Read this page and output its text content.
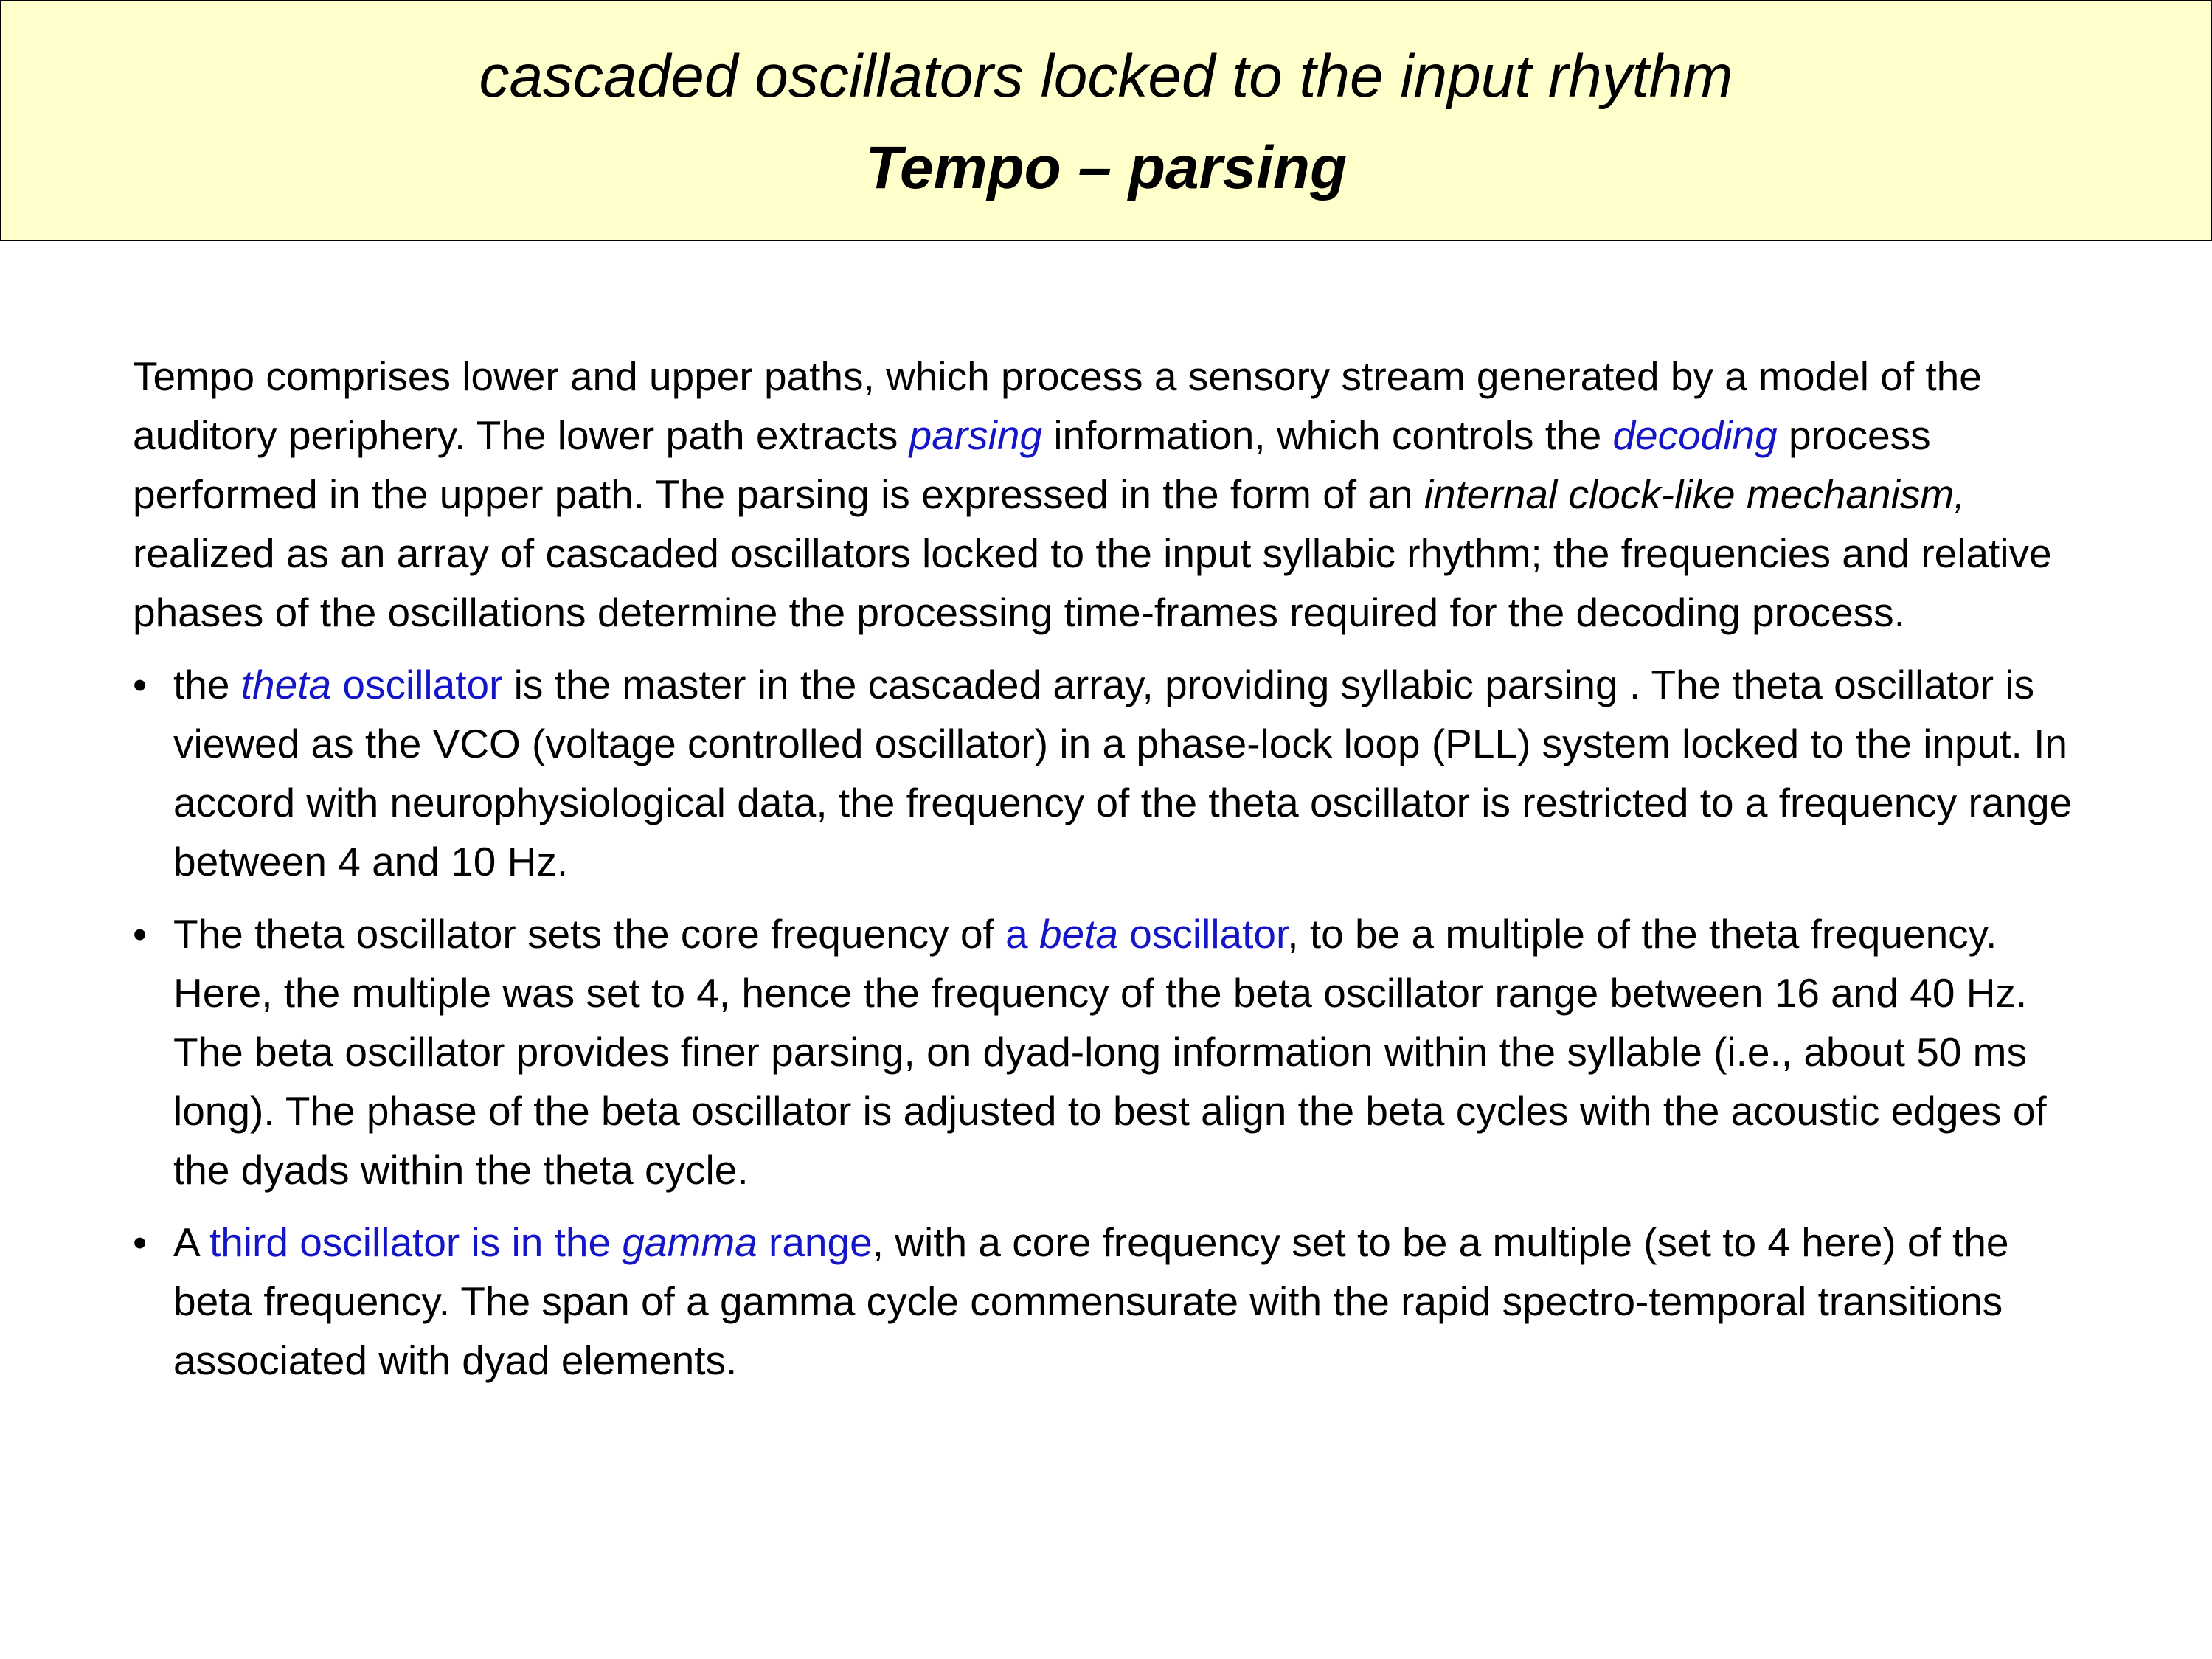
cascaded oscillators locked to the input rhythm
Tempo – parsing

Tempo comprises lower and upper paths, which process a sensory stream generated by a model of the auditory periphery. The lower path extracts parsing information, which controls the decoding process performed in the upper path. The parsing is expressed in the form of an internal clock-like mechanism, realized as an array of cascaded oscillators locked to the input syllabic rhythm; the frequencies and relative phases of the oscillations determine the processing time-frames required for the decoding process.

• the theta oscillator is the master in the cascaded array, providing syllabic parsing . The theta oscillator is viewed as the VCO (voltage controlled oscillator) in a phase-lock loop (PLL) system locked to the input. In accord with neurophysiological data, the frequency of the theta oscillator is restricted to a frequency range between 4 and 10 Hz.
• The theta oscillator sets the core frequency of a beta oscillator, to be a multiple of the theta frequency. Here, the multiple was set to 4, hence the frequency of the beta oscillator range between 16 and 40 Hz. The beta oscillator provides finer parsing, on dyad-long information within the syllable (i.e., about 50 ms long). The phase of the beta oscillator is adjusted to best align the beta cycles with the acoustic edges of the dyads within the theta cycle.
• A third oscillator is in the gamma range, with a core frequency set to be a multiple (set to 4 here) of the beta frequency. The span of a gamma cycle commensurate with the rapid spectro-temporal transitions associated with dyad elements.
